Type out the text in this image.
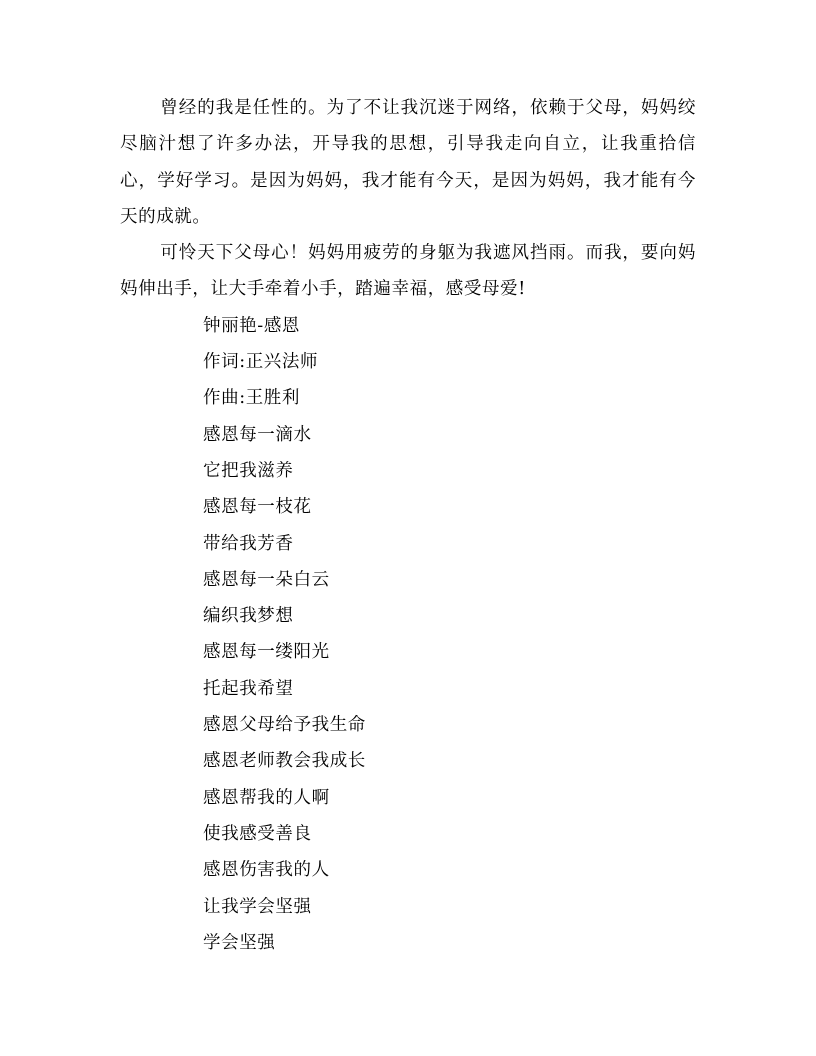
曾经的我是任性的。为了不让我沉迷于网络，依赖于父母，妈妈绞尽脑汁想了许多办法，开导我的思想，引导我走向自立，让我重拾信心，学好学习。是因为妈妈，我才能有今天，是因为妈妈，我才能有今天的成就。

可怜天下父母心！妈妈用疲劳的身躯为我遮风挡雨。而我，要向妈妈伸出手，让大手牵着小手，踏遍幸福，感受母爱!

钟丽艳-感恩

作词:正兴法师

作曲:王胜利

感恩每一滴水

它把我滋养

感恩每一枝花

带给我芳香

感恩每一朵白云

编织我梦想

感恩每一缕阳光

托起我希望

感恩父母给予我生命

感恩老师教会我成长

感恩帮我的人啊

使我感受善良

感恩伤害我的人

让我学会坚强

学会坚强
